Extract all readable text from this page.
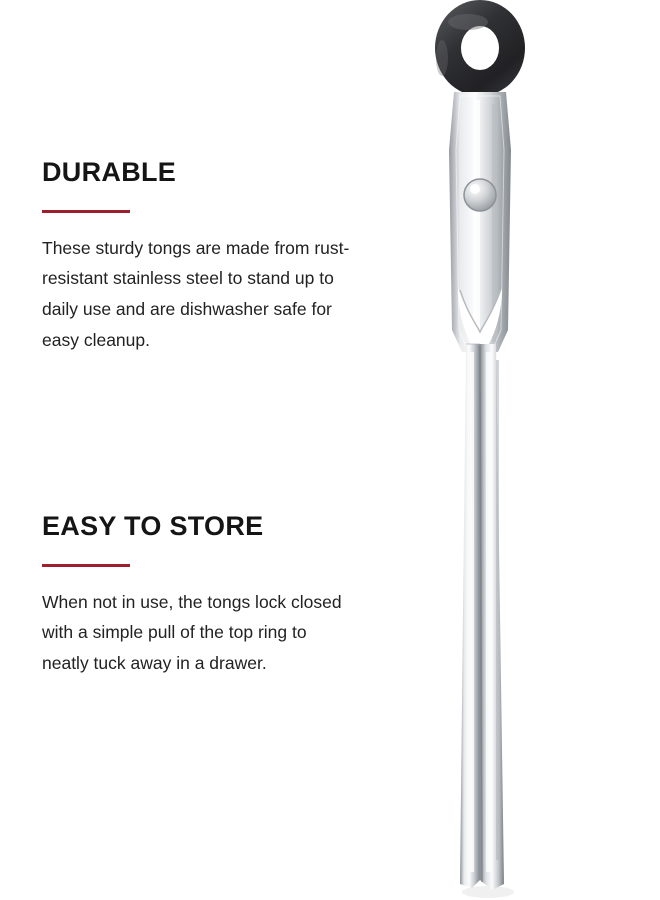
DURABLE

These sturdy tongs are made from rust-resistant stainless steel to stand up to daily use and are dishwasher safe for easy cleanup.

EASY TO STORE

When not in use, the tongs lock closed with a simple pull of the top ring to neatly tuck away in a drawer.
